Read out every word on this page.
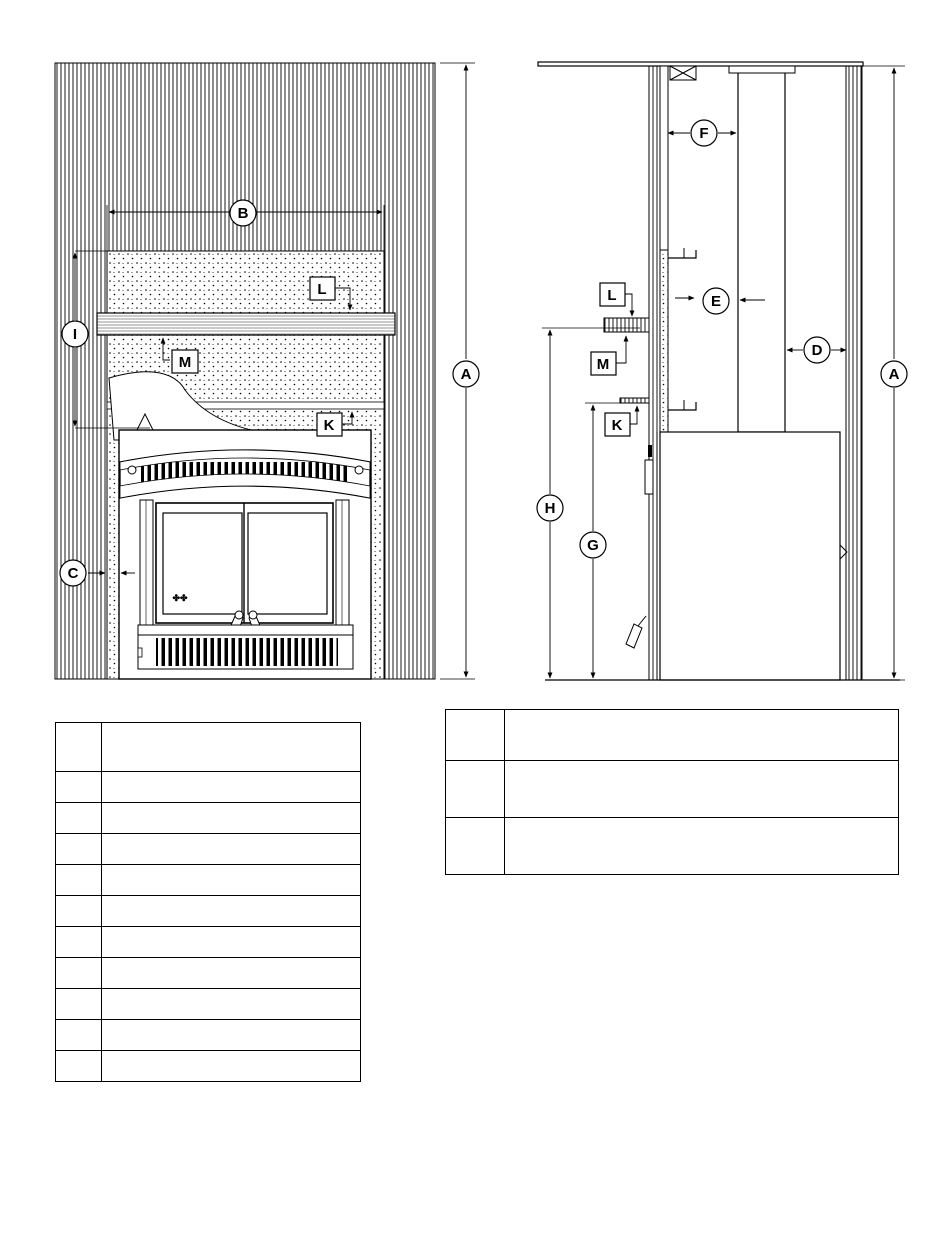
✤✤
B
I
A
C
L
M
K
F
E
D
A
H
G
L
M
K
